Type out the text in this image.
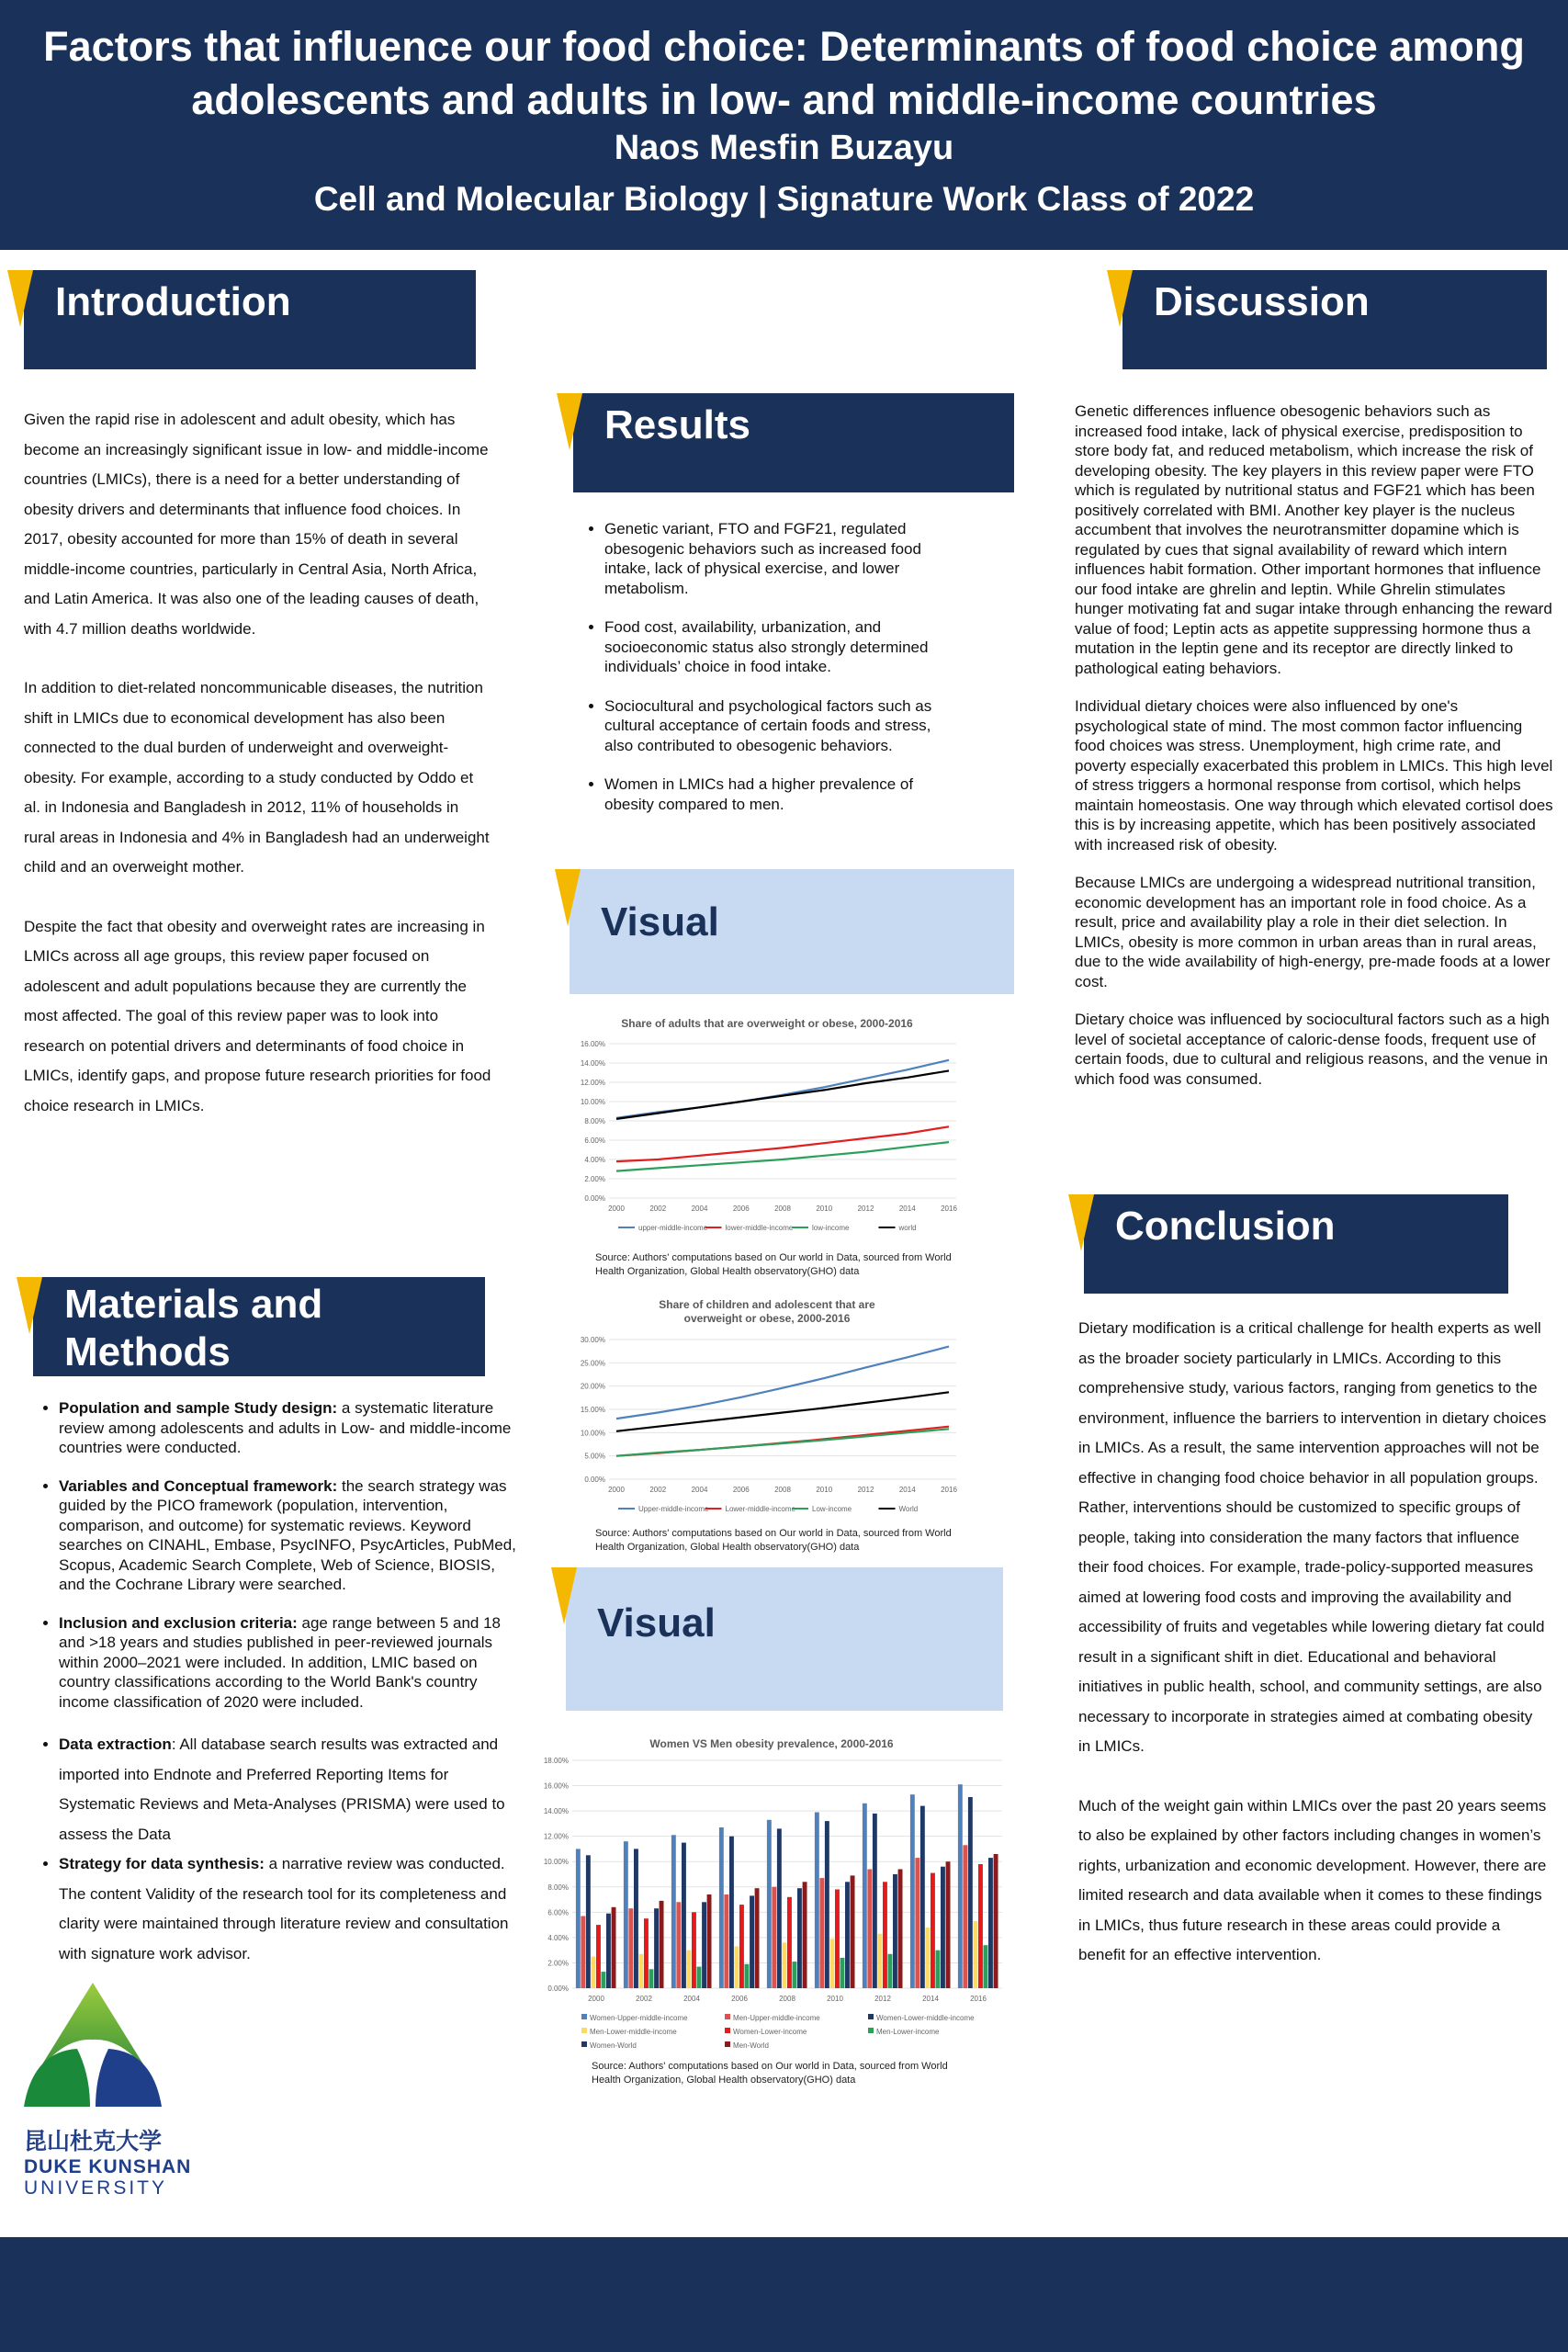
Factors that influence our food choice: Determinants of food choice among adolescents and adults in low- and middle-income countries
Naos Mesfin Buzayu
Cell and Molecular Biology | Signature Work Class of 2022
Introduction

Given the rapid rise in adolescent and adult obesity, which has become an increasingly significant issue in low- and middle-income countries (LMICs), there is a need for a better understanding of obesity drivers and determinants that influence food choices. In 2017, obesity accounted for more than 15% of death in several middle-income countries, particularly in Central Asia, North Africa, and Latin America. It was also one of the leading causes of death, with 4.7 million deaths worldwide.

In addition to diet-related noncommunicable diseases, the nutrition shift in LMICs due to economical development has also been connected to the dual burden of underweight and overweight-obesity. For example, according to a study conducted by Oddo et al. in Indonesia and Bangladesh in 2012, 11% of households in rural areas in Indonesia and 4% in Bangladesh had an underweight child and an overweight mother.

Despite the fact that obesity and overweight rates are increasing in LMICs across all age groups, this review paper focused on adolescent and adult populations because they are currently the most affected. The goal of this review paper was to look into research on potential drivers and determinants of food choice in LMICs, identify gaps, and propose future research priorities for food choice research in LMICs.

Materials and Methods
• Population and sample Study design: a systematic literature review among adolescents and adults in Low- and middle-income countries were conducted.
• Variables and Conceptual framework: the search strategy was guided by the PICO framework (population, intervention, comparison, and outcome) for systematic reviews. Keyword searches on CINAHL, Embase, PsycINFO, PsycArticles, PubMed, Scopus, Academic Search Complete, Web of Science, BIOSIS, and the Cochrane Library were searched.
• Inclusion and exclusion criteria: age range between 5 and 18 and >18 years and studies published in peer-reviewed journals within 2000–2021 were included. In addition, LMIC based on country classifications according to the World Bank's country income classification of 2020 were included.
• Data extraction: All database search results was extracted and imported into Endnote and Preferred Reporting Items for Systematic Reviews and Meta-Analyses (PRISMA) were used to assess the Data
• Strategy for data synthesis: a narrative review was conducted. The content Validity of the research tool for its completeness and clarity were maintained through literature review and consultation with signature work advisor.
昆山杜克大学
DUKE KUNSHAN
UNIVERSITY
Results
• Genetic variant, FTO and FGF21, regulated obesogenic behaviors such as increased food intake, lack of physical exercise, and lower metabolism.
• Food cost, availability, urbanization, and socioeconomic status also strongly determined individuals’ choice in food intake.
• Sociocultural and psychological factors such as cultural acceptance of certain foods and stress, also contributed to obesogenic behaviors.
• Women in LMICs had a higher prevalence of obesity compared to men.
Visual
Share of adults that are overweight or obese, 2000-2016
0.00%
2.00%
4.00%
6.00%
8.00%
10.00%
12.00%
14.00%
16.00%
2000	2002	2004	2006	2008	2010	2012	2014	2016
upper-middle-income lower-middle-income	low-income	world
Source: Authors' computations based on Our world in Data, sourced from World Health Organization, Global Health observatory(GHO) data
Share of children and adolescent that are
overweight or obese, 2000-2016
0.00%
5.00%
10.00%
15.00%
20.00%
25.00%
30.00%
2000	2002	2004	2006	2008	2010	2012	2014	2016
Upper-middle-income Lower-middle-income Low-income	World
Source: Authors' computations based on Our world in Data, sourced from World Health Organization, Global Health observatory(GHO) data
Visual
Women VS Men obesity prevalence, 2000-2016
0.00%
2.00%
4.00%
6.00%
8.00%
10.00%
12.00%
14.00%
16.00%
18.00%
2000	2002	2004	2006	2008	2010	2012	2014	2016
Women-Upper-middle-income	Men-Upper-middle-income	Women-Lower-middle-income
Men-Lower-middle-income	Women-Lower-income	Men-Lower-income
Women-World	Men-World
Source: Authors' computations based on Our world in Data, sourced from World Health Organization, Global Health observatory(GHO) data
Discussion

Genetic differences influence obesogenic behaviors such as increased food intake, lack of physical exercise, predisposition to store body fat, and reduced metabolism, which increase the risk of developing obesity. The key players in this review paper were FTO which is regulated by nutritional status and FGF21 which has been positively correlated with BMI. Another key player is the nucleus accumbent that involves the neurotransmitter dopamine which is regulated by cues that signal availability of reward which intern influences habit formation. Other important hormones that influence our food intake are ghrelin and leptin. While Ghrelin stimulates hunger motivating fat and sugar intake through enhancing the reward value of food; Leptin acts as appetite suppressing hormone thus a mutation in the leptin gene and its receptor are directly linked to pathological eating behaviors.

Individual dietary choices were also influenced by one's psychological state of mind. The most common factor influencing food choices was stress. Unemployment, high crime rate, and poverty especially exacerbated this problem in LMICs. This high level of stress triggers a hormonal response from cortisol, which helps maintain homeostasis. One way through which elevated cortisol does this is by increasing appetite, which has been positively associated with increased risk of obesity.

Because LMICs are undergoing a widespread nutritional transition, economic development has an important role in food choice. As a result, price and availability play a role in their diet selection. In LMICs, obesity is more common in urban areas than in rural areas, due to the wide availability of high-energy, pre-made foods at a lower cost.

Dietary choice was influenced by sociocultural factors such as a high level of societal acceptance of caloric-dense foods, frequent use of certain foods, due to cultural and religious reasons, and the venue in which food was consumed.

Conclusion

Dietary modification is a critical challenge for health experts as well as the broader society particularly in LMICs. According to this comprehensive study, various factors, ranging from genetics to the environment, influence the barriers to intervention in dietary choices in LMICs. As a result, the same intervention approaches will not be effective in changing food choice behavior in all population groups. Rather, interventions should be customized to specific groups of people, taking into consideration the many factors that influence their food choices. For example, trade-policy-supported measures aimed at lowering food costs and improving the availability and accessibility of fruits and vegetables while lowering dietary fat could result in a significant shift in diet. Educational and behavioral initiatives in public health, school, and community settings, are also necessary to incorporate in strategies aimed at combating obesity in LMICs.

Much of the weight gain within LMICs over the past 20 years seems to also be explained by other factors including changes in women’s rights, urbanization and economic development. However, there are limited research and data available when it comes to these findings in LMICs, thus future research in these areas could provide a benefit for an effective intervention.
